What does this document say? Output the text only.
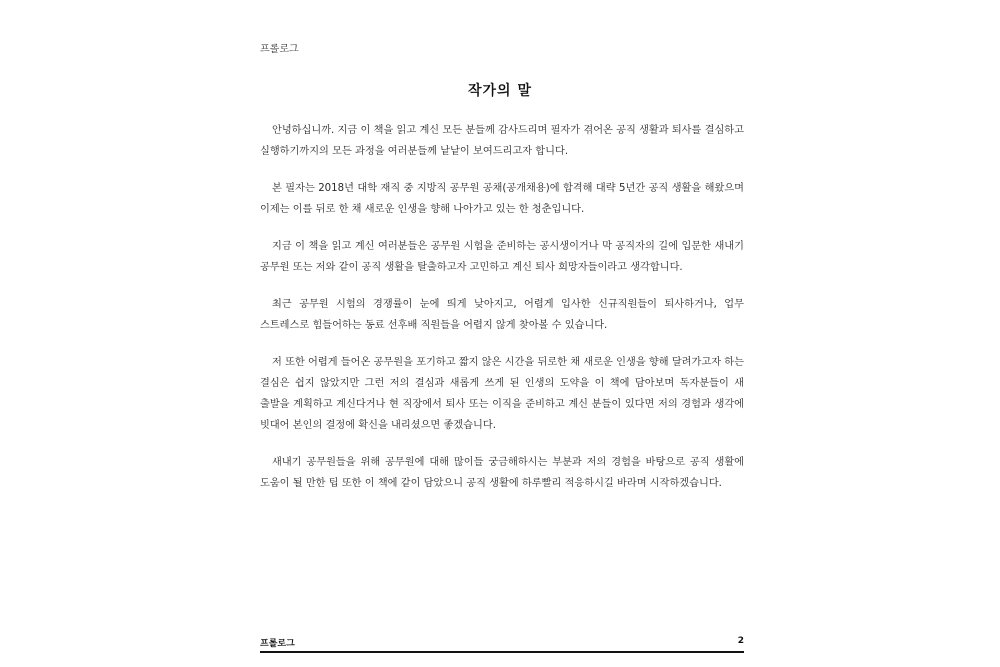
프롤로그
작가의 말

안녕하십니까. 지금 이 책을 읽고 계신 모든 분들께 감사드리며 필자가 겪어온 공직 생활과 퇴사를 결심하고 실행하기까지의 모든 과정을 여러분들께 낱낱이 보여드리고자 합니다.

본 필자는 2018년 대학 재직 중 지방직 공무원 공채(공개채용)에 합격해 대략 5년간 공직 생활을 해왔으며 이제는 이를 뒤로 한 채 새로운 인생을 향해 나아가고 있는 한 청춘입니다.

지금 이 책을 읽고 계신 여러분들은 공무원 시험을 준비하는 공시생이거나 막 공직자의 길에 입문한 새내기 공무원 또는 저와 같이 공직 생활을 탈출하고자 고민하고 계신 퇴사 희망자들이라고 생각합니다.

최근 공무원 시험의 경쟁률이 눈에 띄게 낮아지고, 어렵게 입사한 신규직원들이 퇴사하거나, 업무 스트레스로 힘들어하는 동료 선후배 직원들을 어렵지 않게 찾아볼 수 있습니다.

저 또한 어렵게 들어온 공무원을 포기하고 짧지 않은 시간을 뒤로한 채 새로운 인생을 향해 달려가고자 하는 결심은 쉽지 않았지만 그런 저의 결심과 새롭게 쓰게 된 인생의 도약을 이 책에 담아보며 독자분들이 새 출발을 계획하고 계신다거나 현 직장에서 퇴사 또는 이직을 준비하고 계신 분들이 있다면 저의 경험과 생각에 빗대어 본인의 결정에 확신을 내리셨으면 좋겠습니다.

새내기 공무원들을 위해 공무원에 대해 많이들 궁금해하시는 부분과 저의 경험을 바탕으로 공직 생활에 도움이 될 만한 팁 또한 이 책에 같이 담았으니 공직 생활에 하루빨리 적응하시길 바라며 시작하겠습니다.

프롤로그	2
